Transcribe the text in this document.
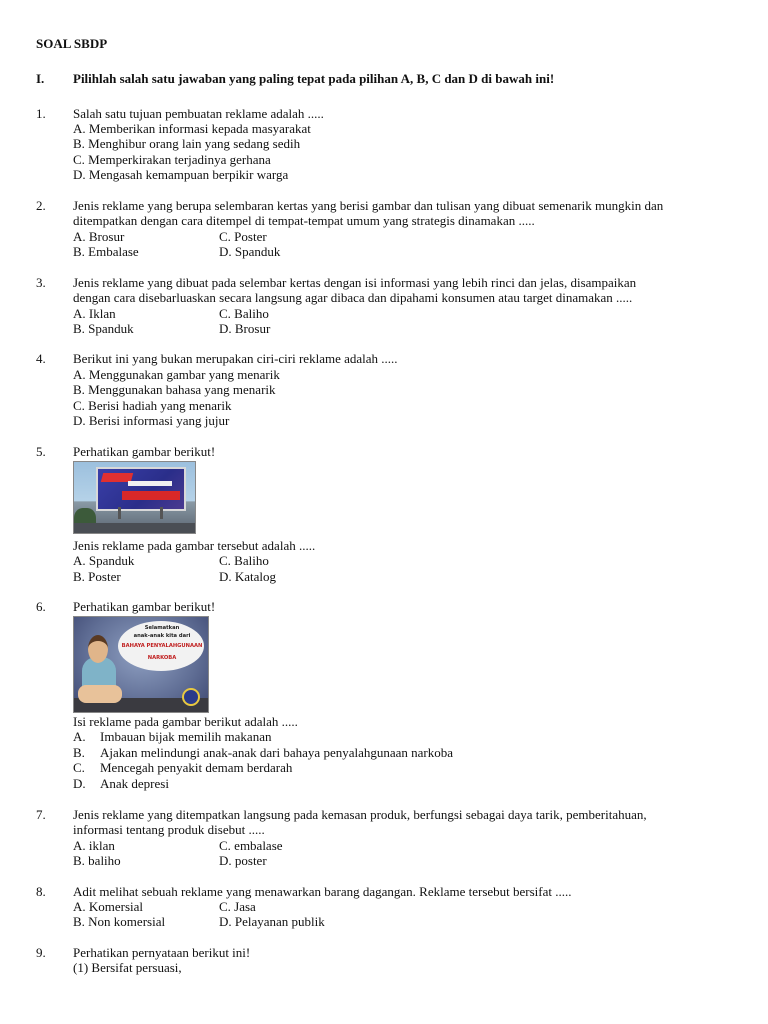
SOAL SBDP
I. Pilihlah salah satu jawaban yang paling tepat pada pilihan A, B, C dan D di bawah ini!
1. Salah satu tujuan pembuatan reklame adalah .....
A. Memberikan informasi kepada masyarakat
B. Menghibur orang lain yang sedang sedih
C. Memperkirakan terjadinya gerhana
D. Mengasah kemampuan berpikir warga
2. Jenis reklame yang berupa selembaran kertas yang berisi gambar dan tulisan yang dibuat semenarik mungkin dan
ditempatkan dengan cara ditempel di tempat-tempat umum yang strategis dinamakan .....
A. Brosur	C. Poster
B. Embalase	D. Spanduk
3. Jenis reklame yang dibuat pada selembar kertas dengan isi informasi yang lebih rinci dan jelas, disampaikan
dengan cara disebarluaskan secara langsung agar dibaca dan dipahami konsumen atau target dinamakan .....
A. Iklan	C. Baliho
B. Spanduk	D. Brosur
4. Berikut ini yang bukan merupakan ciri-ciri reklame adalah .....
A. Menggunakan gambar yang menarik
B. Menggunakan bahasa yang menarik
C. Berisi hadiah yang menarik
D. Berisi informasi yang jujur
5. Perhatikan gambar berikut!
Jenis reklame pada gambar tersebut adalah .....
A. Spanduk	C. Baliho
B. Poster	D. Katalog
6. Perhatikan gambar berikut!
Selamatkan
anak-anak kita dari
BAHAYA PENYALAHGUNAAN
NARKOBA
Isi reklame pada gambar berikut adalah .....
A. Imbauan bijak memilih makanan
B. Ajakan melindungi anak-anak dari bahaya penyalahgunaan narkoba
C. Mencegah penyakit demam berdarah
D. Anak depresi
7. Jenis reklame yang ditempatkan langsung pada kemasan produk, berfungsi sebagai daya tarik, pemberitahuan,
informasi tentang produk disebut .....
A. iklan	C. embalase
B. baliho	D. poster
8. Adit melihat sebuah reklame yang menawarkan barang dagangan. Reklame tersebut bersifat .....
A. Komersial	C. Jasa
B. Non komersial	D. Pelayanan publik
9. Perhatikan pernyataan berikut ini!
(1) Bersifat persuasi,
